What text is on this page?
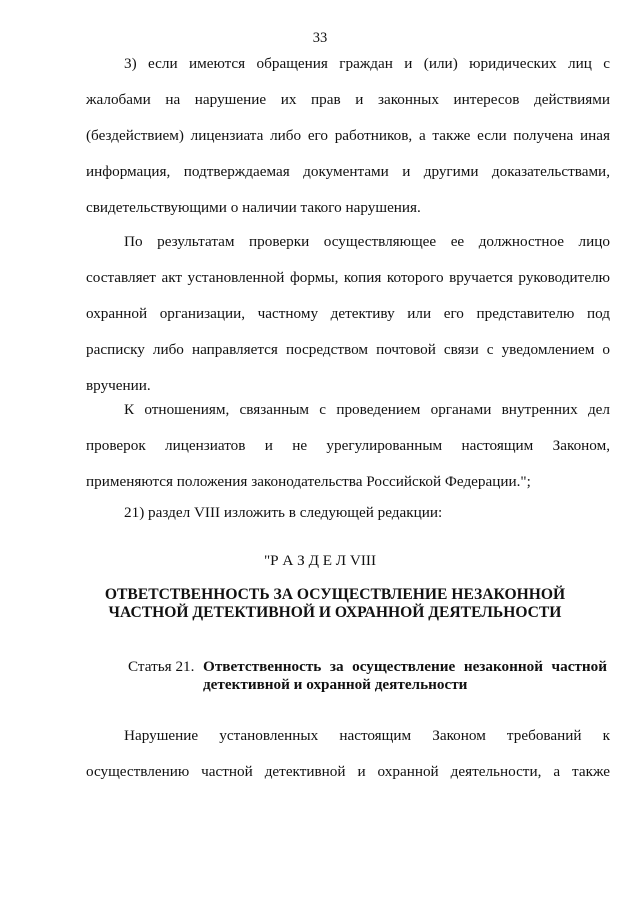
33
3) если имеются обращения граждан и (или) юридических лиц с
жалобами на нарушение их прав и законных интересов действиями
(бездействием) лицензиата либо его работников, а также если получена иная
информация, подтверждаемая документами и другими доказательствами,
свидетельствующими о наличии такого нарушения.
По результатам проверки осуществляющее ее должностное лицо
составляет акт установленной формы, копия которого вручается руководителю
охранной организации, частному детективу или его представителю под
расписку либо направляется посредством почтовой связи с уведомлением о
вручении.
К отношениям, связанным с проведением органами внутренних дел
проверок лицензиатов и не урегулированным настоящим Законом,
применяются положения законодательства Российской Федерации.";
21) раздел VIII изложить в следующей редакции:
"Р А З Д Е Л VIII
ОТВЕТСТВЕННОСТЬ ЗА ОСУЩЕСТВЛЕНИЕ НЕЗАКОННОЙ
ЧАСТНОЙ ДЕТЕКТИВНОЙ И ОХРАННОЙ ДЕЯТЕЛЬНОСТИ
Статья 21. Ответственность за осуществление незаконной частной
детективной и охранной деятельности
Нарушение установленных настоящим Законом требований к
осуществлению частной детективной и охранной деятельности, а также
